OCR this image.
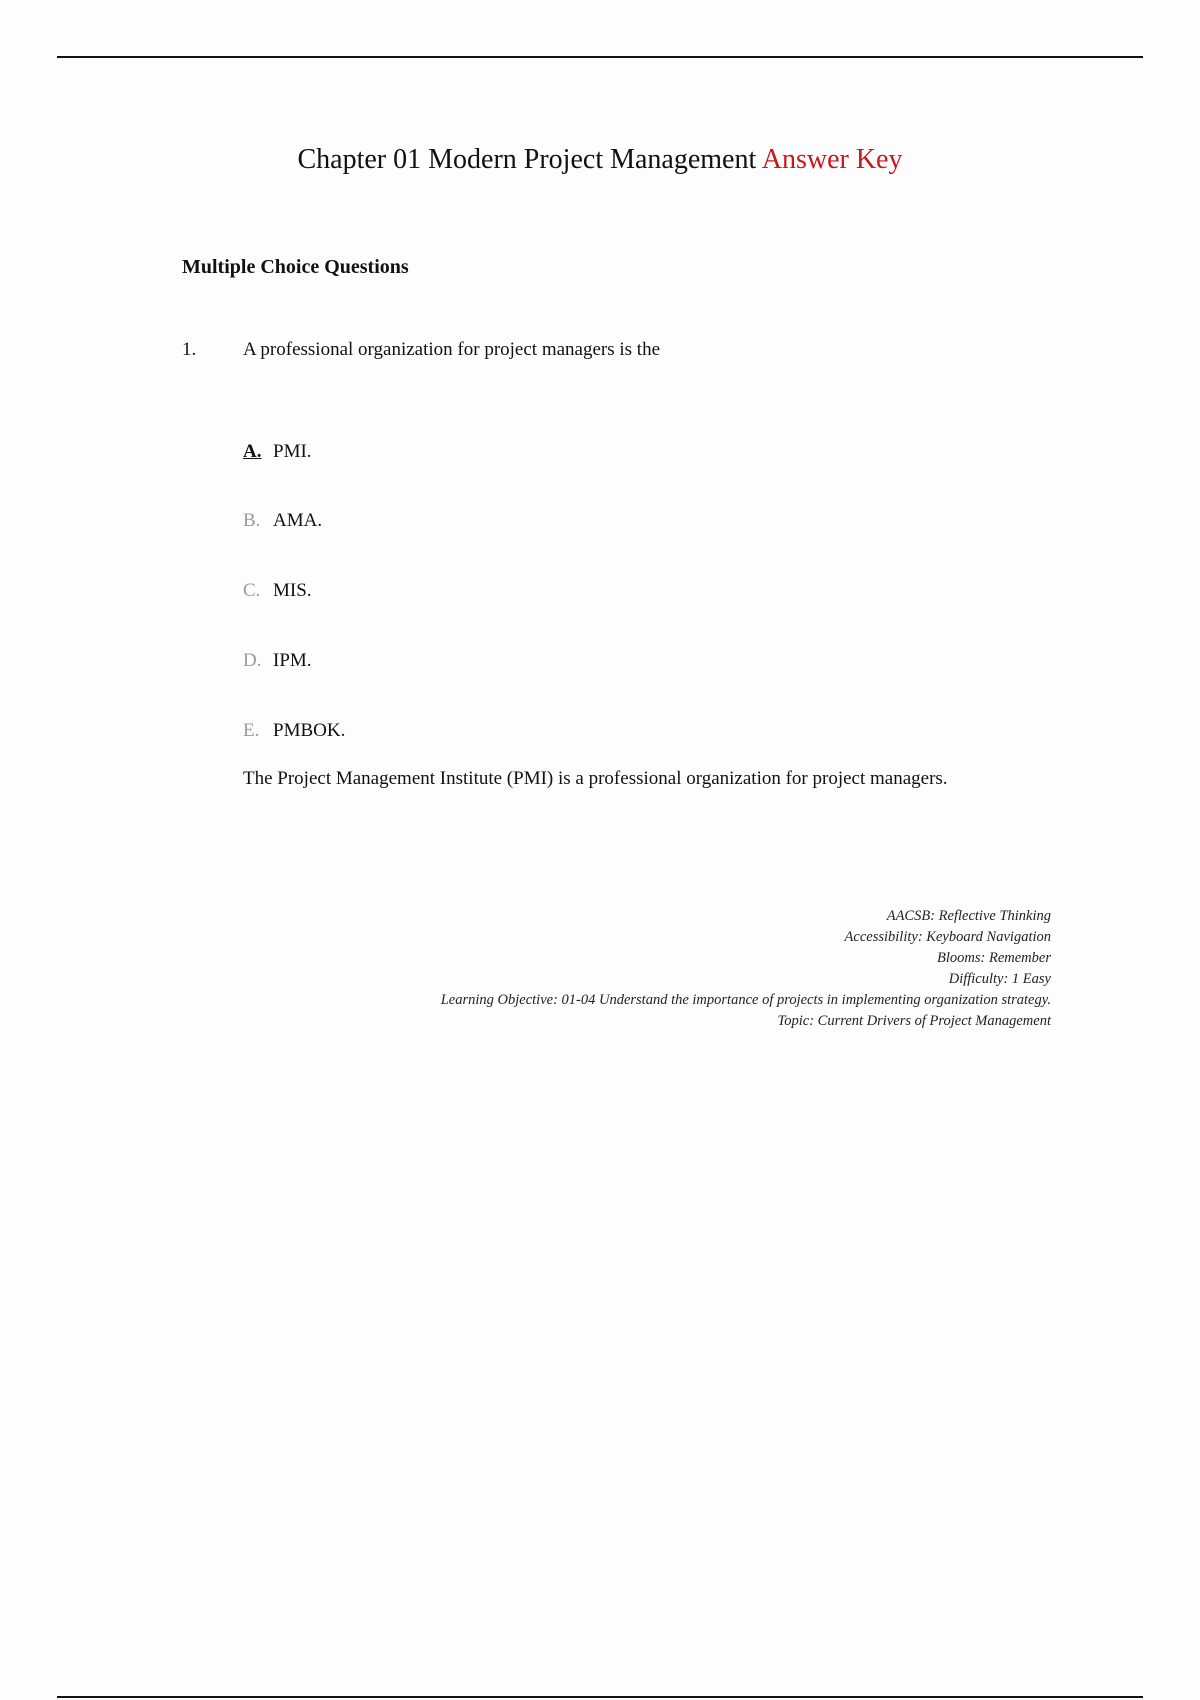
Chapter 01 Modern Project Management Answer Key
Multiple Choice Questions
1. A professional organization for project managers is the
A. PMI.
B. AMA.
C. MIS.
D. IPM.
E. PMBOK.
The Project Management Institute (PMI) is a professional organization for project managers.
AACSB: Reflective Thinking
Accessibility: Keyboard Navigation
Blooms: Remember
Difficulty: 1 Easy
Learning Objective: 01-04 Understand the importance of projects in implementing organization strategy.
Topic: Current Drivers of Project Management
